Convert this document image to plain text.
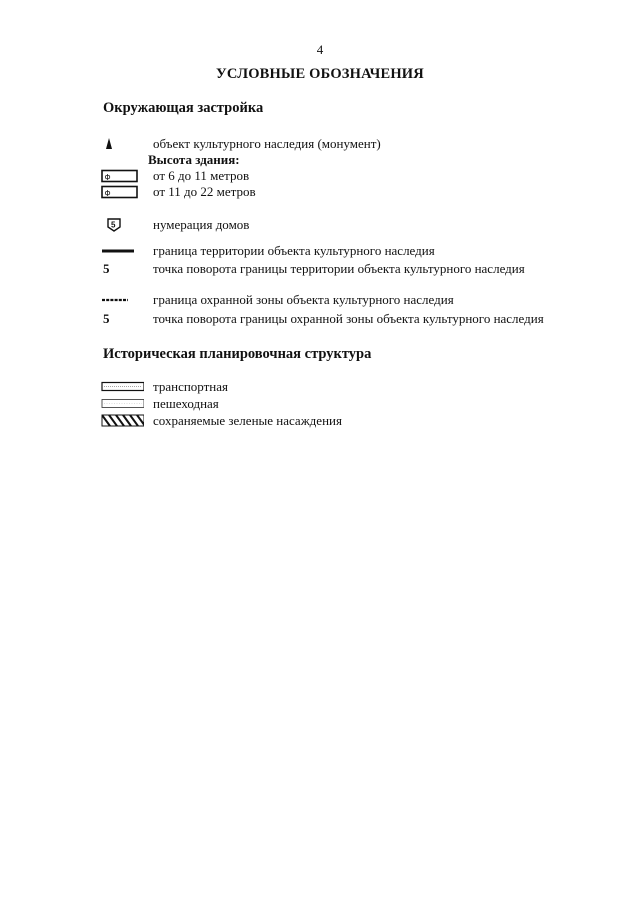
4
УСЛОВНЫЕ ОБОЗНАЧЕНИЯ
Окружающая застройка
объект культурного наследия (монумент)
Высота здания:
Ф	от 6 до 11 метров
Ф	от 11 до 22 метров
5	нумерация домов
граница территории объекта культурного наследия
5	точка поворота границы территории объекта культурного наследия
граница охранной зоны объекта культурного наследия
5	точка поворота границы охранной зоны объекта культурного наследия
Историческая планировочная структура
транспортная
пешеходная
сохраняемые зеленые насаждения
